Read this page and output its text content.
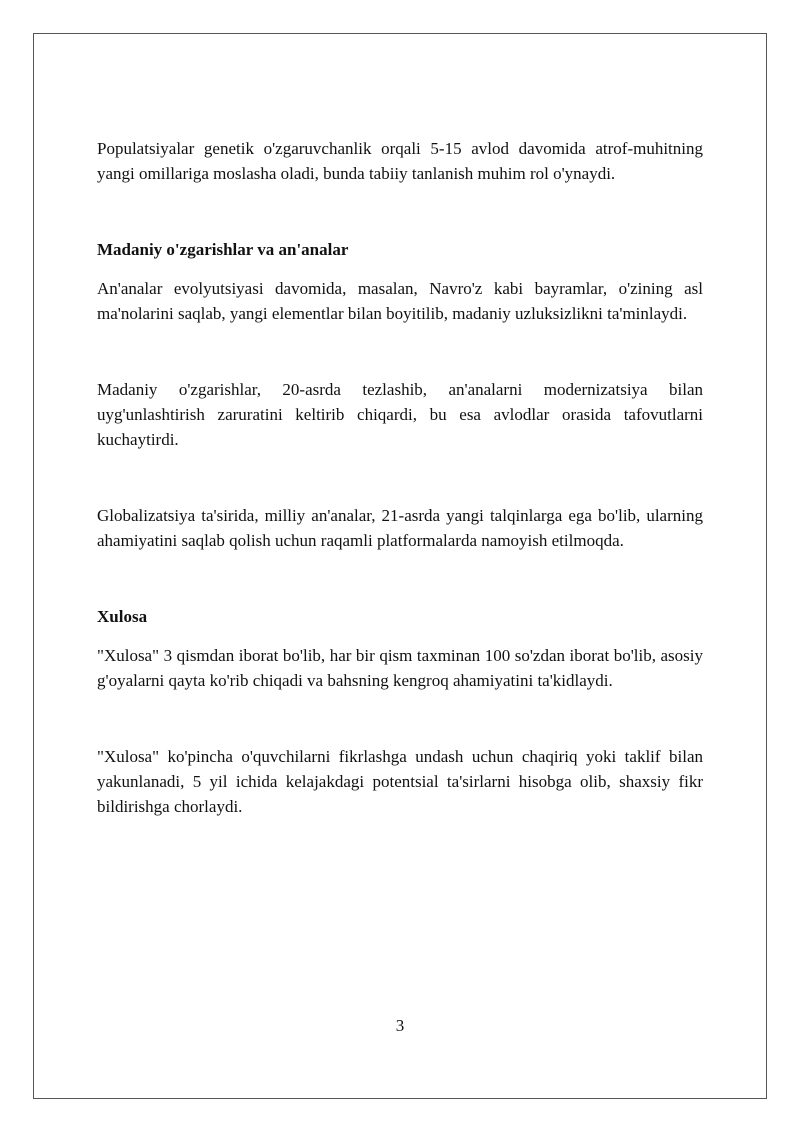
Populatsiyalar genetik o'zgaruvchanlik orqali 5-15 avlod davomida atrof-muhitning yangi omillariga moslasha oladi, bunda tabiiy tanlanish muhim rol o'ynaydi.

Madaniy o'zgarishlar va an'analar

An'analar evolyutsiyasi davomida, masalan, Navro'z kabi bayramlar, o'zining asl ma'nolarini saqlab, yangi elementlar bilan boyitilib, madaniy uzluksizlikni ta'minlaydi.

Madaniy o'zgarishlar, 20-asrda tezlashib, an'analarni modernizatsiya bilan uyg'unlashtirish zaruratini keltirib chiqardi, bu esa avlodlar orasida tafovutlarni kuchaytirdi.

Globalizatsiya ta'sirida, milliy an'analar, 21-asrda yangi talqinlarga ega bo'lib, ularning ahamiyatini saqlab qolish uchun raqamli platformalarda namoyish etilmoqda.

Xulosa

"Xulosa" 3 qismdan iborat bo'lib, har bir qism taxminan 100 so'zdan iborat bo'lib, asosiy g'oyalarni qayta ko'rib chiqadi va bahsning kengroq ahamiyatini ta'kidlaydi.

"Xulosa" ko'pincha o'quvchilarni fikrlashga undash uchun chaqiriq yoki taklif bilan yakunlanadi, 5 yil ichida kelajakdagi potentsial ta'sirlarni hisobga olib, shaxsiy fikr bildirishga chorlaydi.

3
